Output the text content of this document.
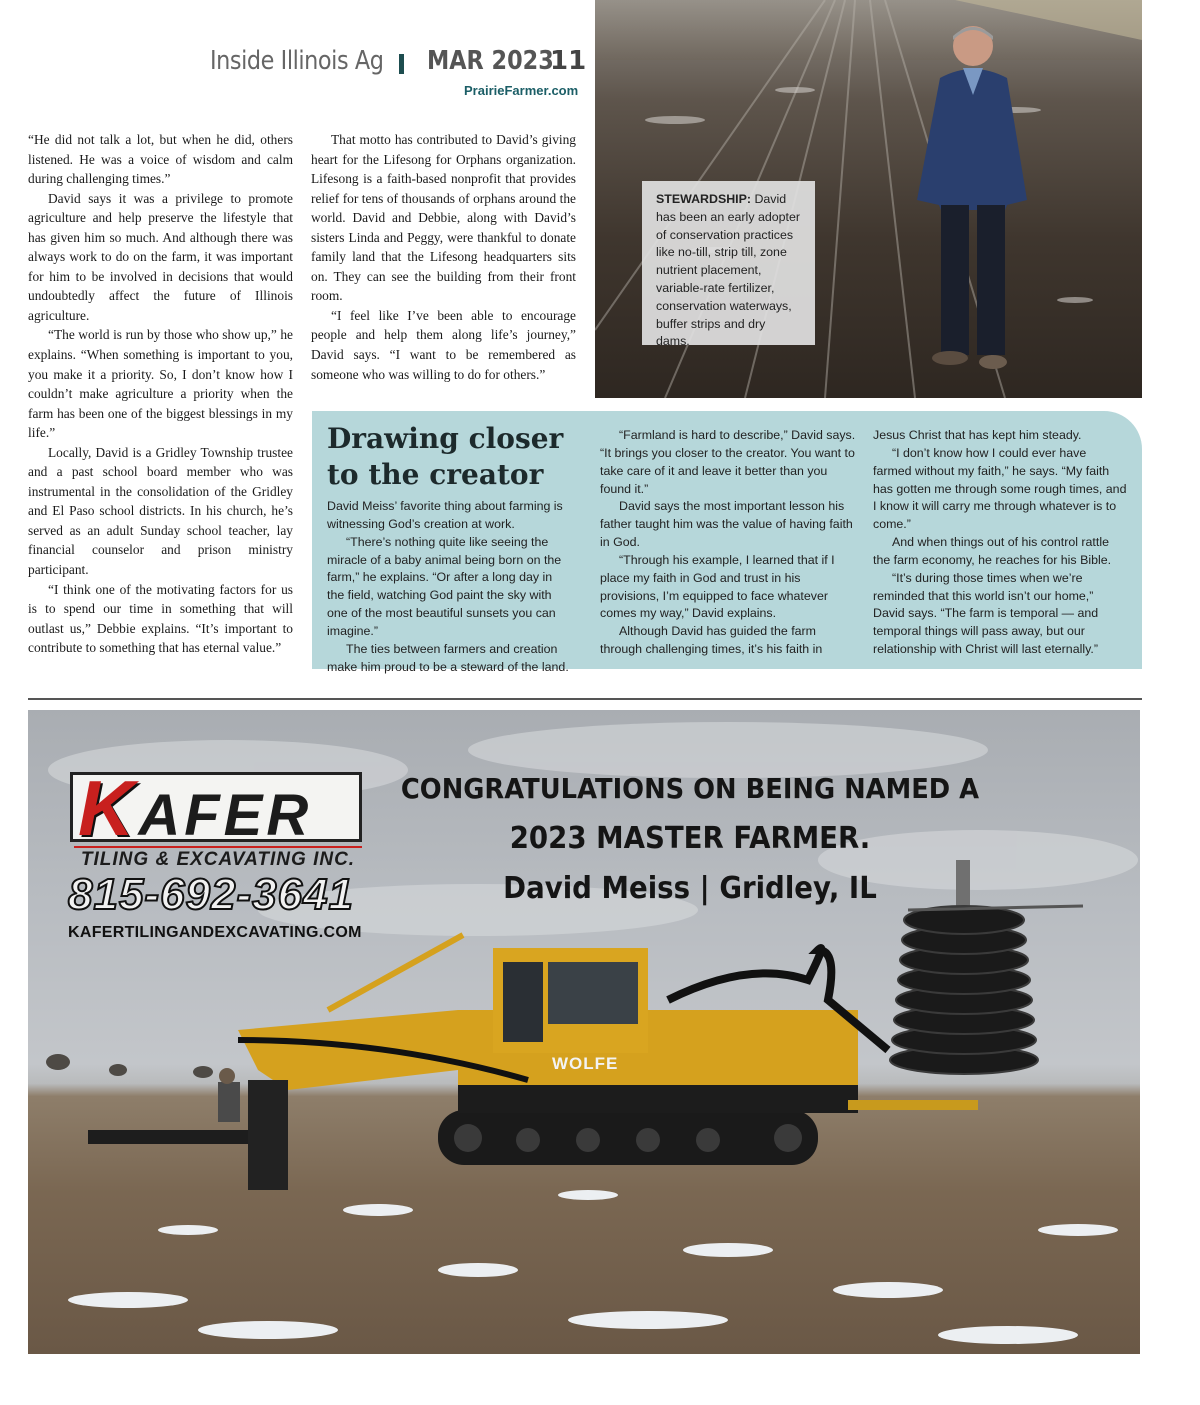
Inside Illinois Ag MAR 2023
11
PrairieFarmer.com

“He did not talk a lot, but when he did, others listened. He was a voice of wisdom and calm during challenging times.”

David says it was a privilege to promote agriculture and help preserve the lifestyle that has given him so much. And although there was always work to do on the farm, it was important for him to be involved in decisions that would undoubtedly affect the future of Illinois agriculture.

“The world is run by those who show up,” he explains. “When something is important to you, you make it a priority. So, I don’t know how I couldn’t make agriculture a priority when the farm has been one of the biggest blessings in my life.”

Locally, David is a Gridley Township trustee and a past school board member who was instrumental in the consolidation of the Gridley and El Paso school districts. In his church, he’s served as an adult Sunday school teacher, lay financial counselor and prison ministry participant.

“I think one of the motivating factors for us is to spend our time in something that will outlast us,” Debbie explains. “It’s important to contribute to something that has eternal value.”

That motto has contributed to David’s giving heart for the Lifesong for Orphans organization. Lifesong is a faith-based nonprofit that provides relief for tens of thousands of orphans around the world. David and Debbie, along with David’s sisters Linda and Peggy, were thankful to donate family land that the Lifesong headquarters sits on. They can see the building from their front room.

“I feel like I’ve been able to encourage people and help them along life’s journey,” David says. “I want to be remembered as someone who was willing to do for others.”

STEWARDSHIP: David has been an early adopter of conservation practices like no-till, strip till, zone nutrient placement, variable-rate fertilizer, conservation waterways, buffer strips and dry dams.
Drawing closer to the creator

David Meiss’ favorite thing about farming is witnessing God’s creation at work.

“There’s nothing quite like seeing the miracle of a baby animal being born on the farm,” he explains. “Or after a long day in the field, watching God paint the sky with one of the most beautiful sunsets you can imagine.”

The ties between farmers and creation make him proud to be a steward of the land.

“Farmland is hard to describe,” David says. “It brings you closer to the creator. You want to take care of it and leave it better than you found it.”

David says the most important lesson his father taught him was the value of having faith in God.

“Through his example, I learned that if I place my faith in God and trust in his provisions, I’m equipped to face whatever comes my way,” David explains.

Although David has guided the farm through challenging times, it’s his faith in

Jesus Christ that has kept him steady.

“I don’t know how I could ever have farmed without my faith,” he says. “My faith has gotten me through some rough times, and I know it will carry me through whatever is to come.”

And when things out of his control rattle the farm economy, he reaches for his Bible.

“It’s during those times when we’re reminded that this world isn’t our home,” David says. “The farm is temporal — and temporal things will pass away, but our relationship with Christ will last eternally.”

KAFER
TILING & EXCAVATING INC.
815-692-3641
KAFERTILINGANDEXCAVATING.COM
CONGRATULATIONS ON BEING NAMED A
2023 MASTER FARMER.
David Meiss | Gridley, IL
WOLFE
